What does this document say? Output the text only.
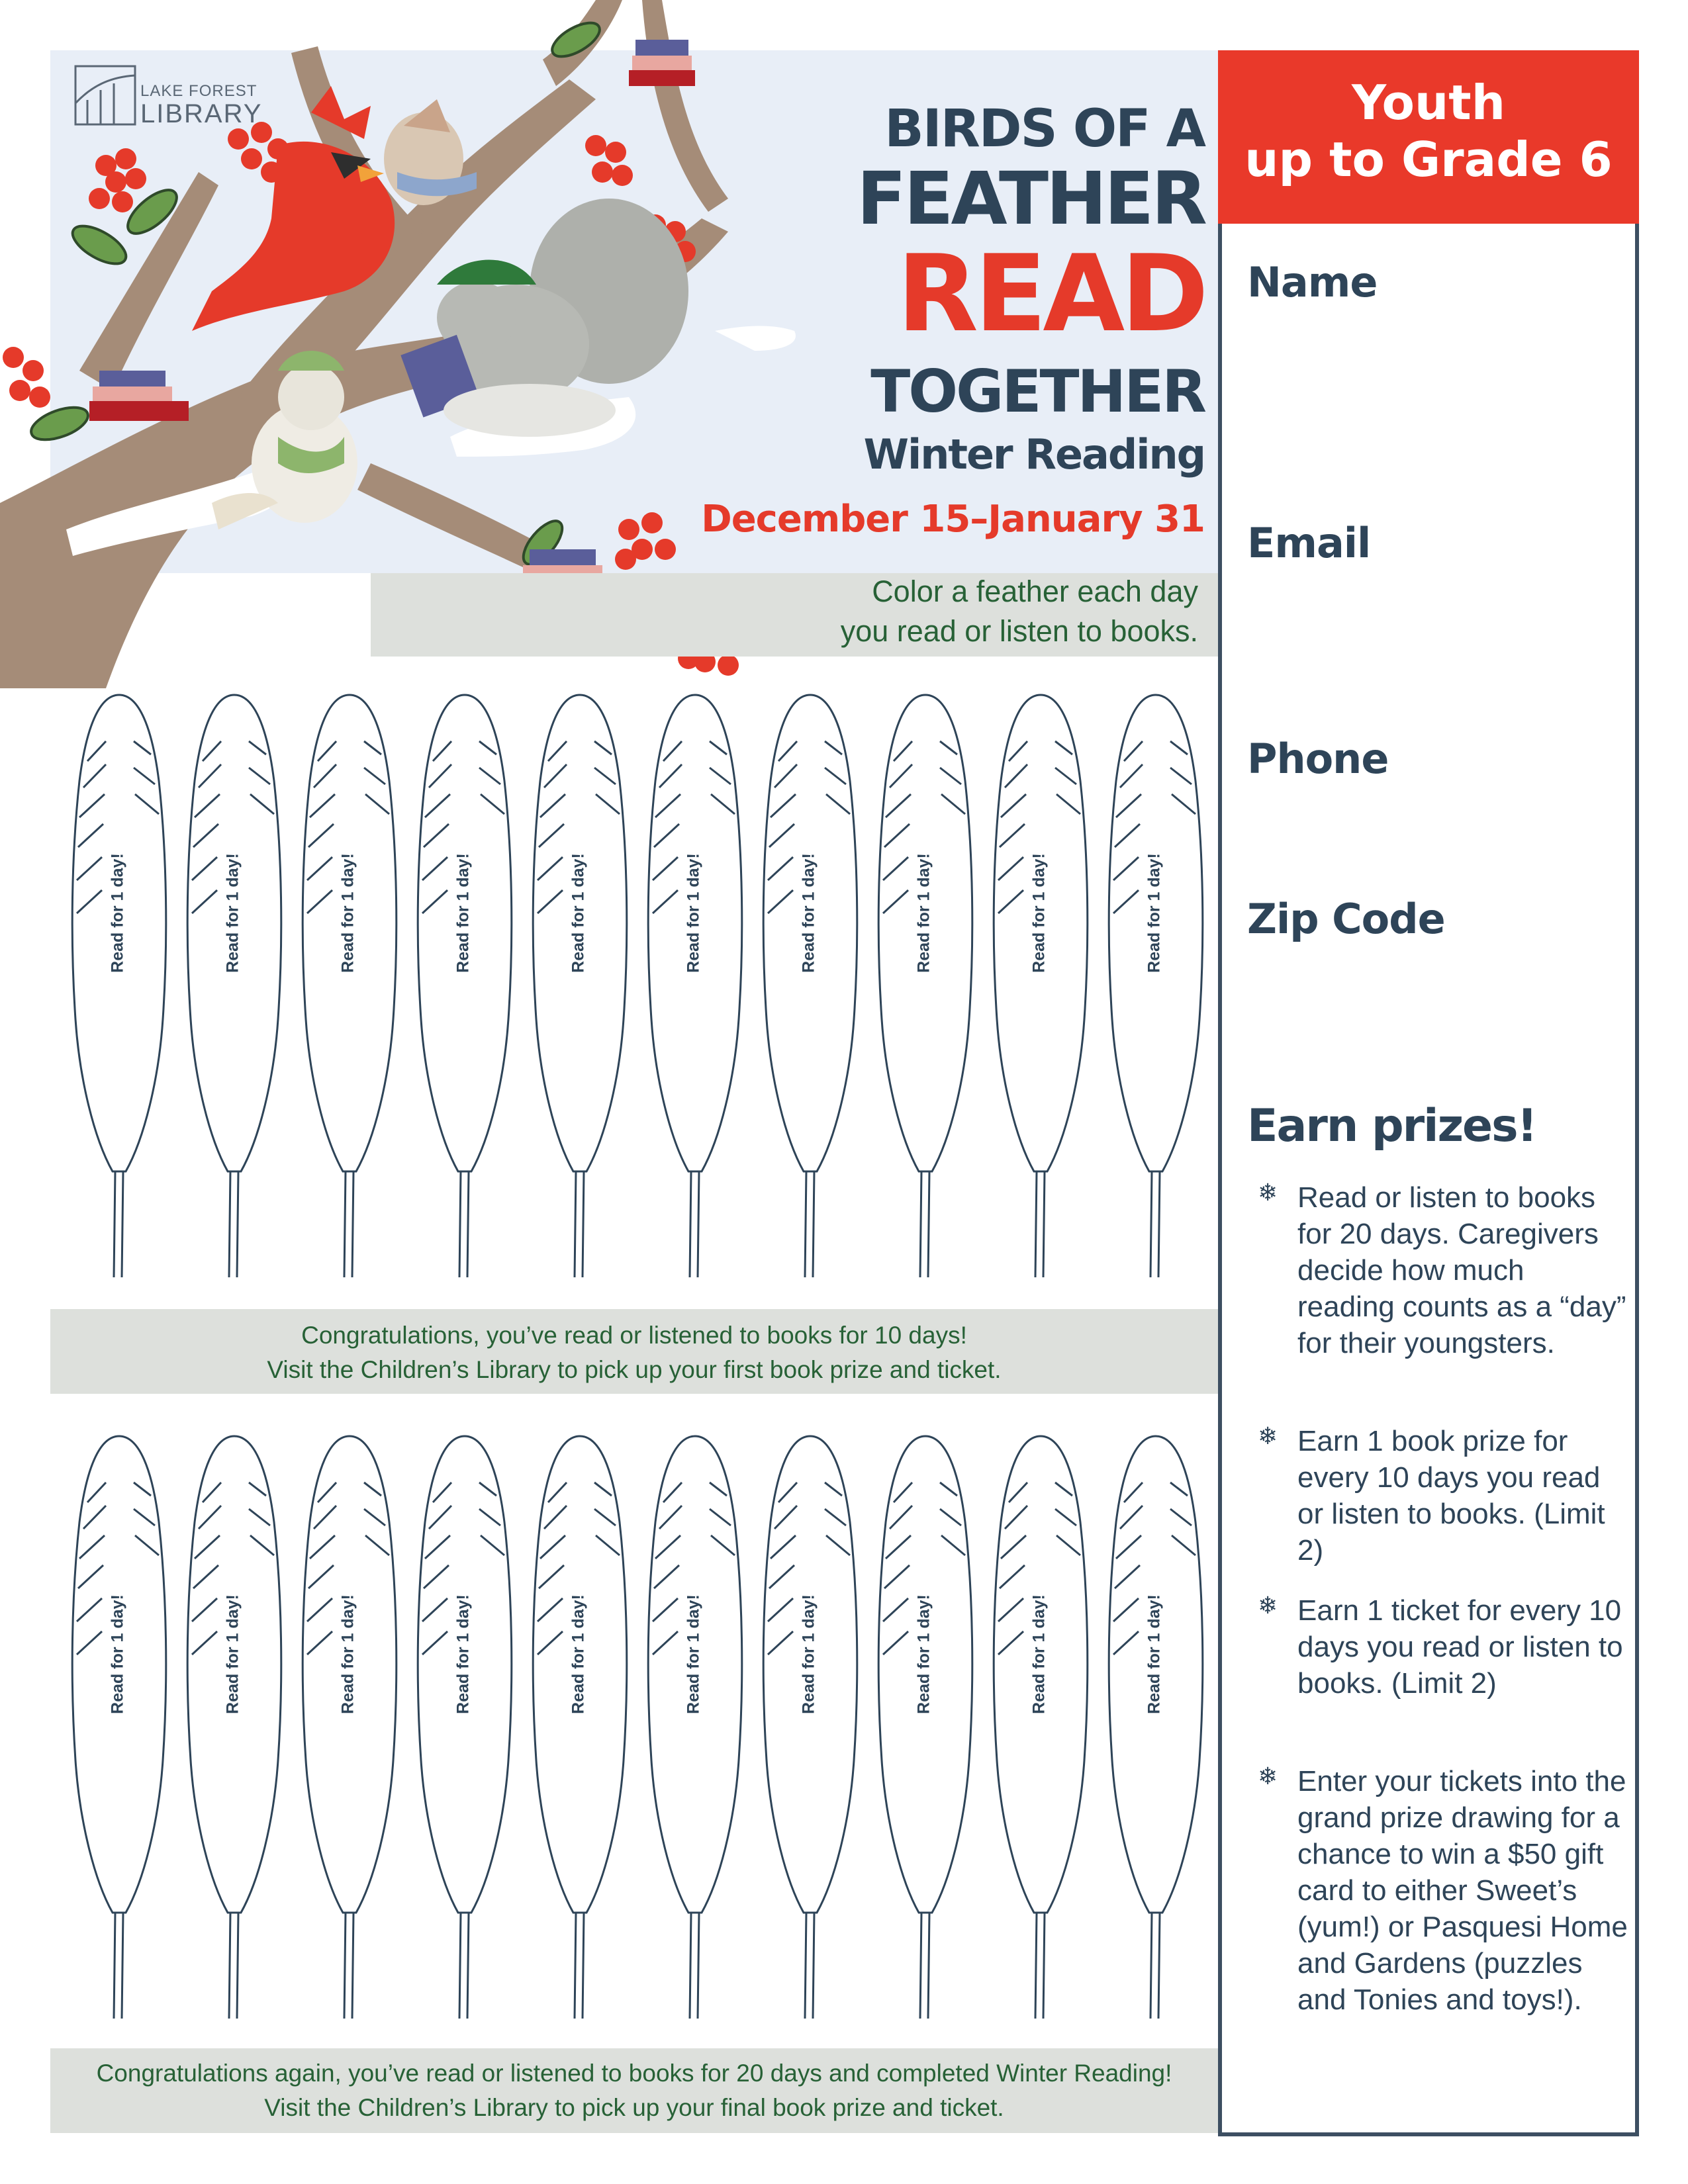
LAKE FOREST
LIBRARY	BIRDS OF A
FEATHER
READ
TOGETHER
Winter Reading
December 15–January 31
Color a feather each day
you read or listen to books.
Read for 1 day!	Read for 1 day!	Read for 1 day!	Read for 1 day!	Read for 1 day!	Read for 1 day!	Read for 1 day!	Read for 1 day!	Read for 1 day!	Read for 1 day!
Read for 1 day!	Read for 1 day!	Read for 1 day!	Read for 1 day!	Read for 1 day!	Read for 1 day!	Read for 1 day!	Read for 1 day!	Read for 1 day!	Read for 1 day!
Congratulations, you’ve read or listened to books for 10 days!
Visit the Children’s Library to pick up your first book prize and ticket.
Congratulations again, you’ve read or listened to books for 20 days and completed Winter Reading!
Visit the Children’s Library to pick up your final book prize and ticket.
Youth
up to Grade 6
Name
Email
Phone
Zip Code
Earn prizes!
❄ Read or listen to books for 20 days. Caregivers decide how much reading counts as a “day” for their youngsters.
❄ Earn 1 book prize for every 10 days you read or listen to books. (Limit 2)
❄ Earn 1 ticket for every 10 days you read or listen to books. (Limit 2)
❄ Enter your tickets into the grand prize drawing for a chance to win a $50 gift card to either Sweet’s (yum!) or Pasquesi Home and Gardens (puzzles and Tonies and toys!).
